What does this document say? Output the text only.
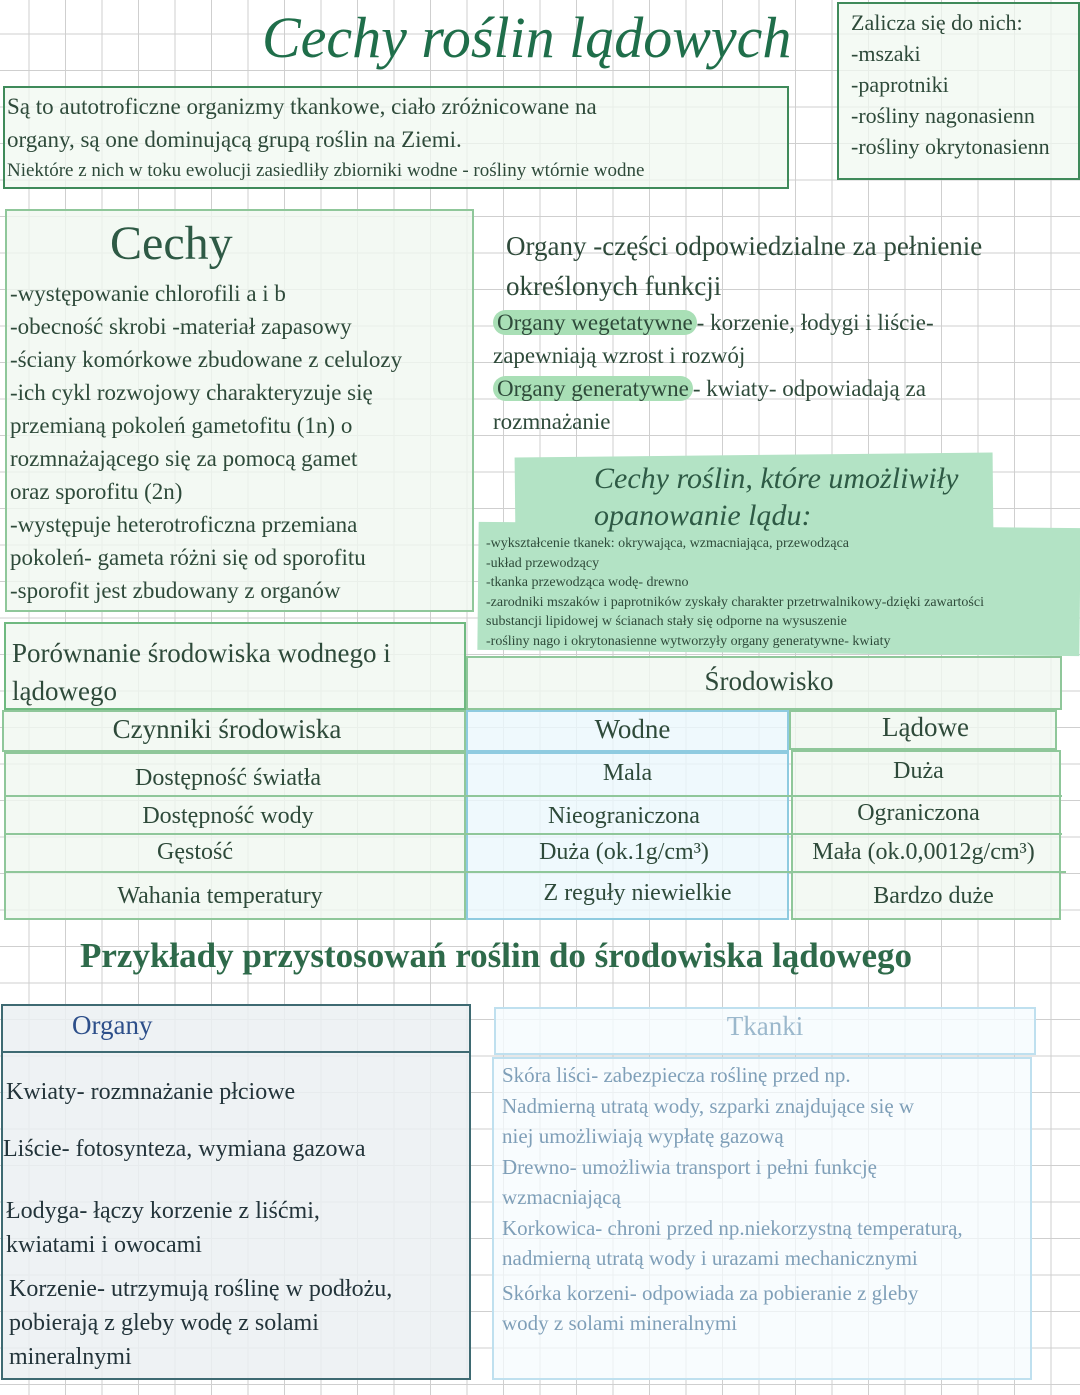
Cechy roślin lądowych
Są to autotroficzne organizmy tkankowe, ciało zróżnicowane na
organy, są one dominującą grupą roślin na Ziemi.
Niektóre z nich w toku ewolucji zasiedliły zbiorniki wodne - rośliny wtórnie wodne
Zalicza się do nich:
-mszaki
-paprotniki
-rośliny nagonasienn
-rośliny okrytonasienn
Cechy
-występowanie chlorofili a i b
-obecność skrobi -materiał zapasowy
-ściany komórkowe zbudowane z celulozy
-ich cykl rozwojowy charakteryzuje się
przemianą pokoleń gametofitu (1n) o
rozmnażającego się za pomocą gamet
oraz sporofitu (2n)
-występuje heterotroficzna przemiana
pokoleń- gameta różni się od sporofitu
-sporofit jest zbudowany z organów
Organy -części odpowiedzialne za pełnienie
określonych funkcji
Organy wegetatywne - korzenie, łodygi i liście-
zapewniają wzrost i rozwój
Organy generatywne - kwiaty- odpowiadają za
rozmnażanie
Cechy roślin, które umożliwiły
opanowanie lądu:
-wykształcenie tkanek: okrywająca, wzmacniająca, przewodząca
-układ przewodzący
-tkanka przewodząca wodę- drewno
-zarodniki mszaków i paprotników zyskały charakter przetrwalnikowy-dzięki zawartości
substancji lipidowej w ścianach stały się odporne na wysuszenie
-rośliny nago i okrytonasienne wytworzyły organy generatywne- kwiaty
Porównanie środowiska wodnego i
lądowego	Środowisko
Czynniki środowiska	Wodne	Lądowe
Dostępność światła	Mala	Duża
Dostępność wody	Nieograniczona	Ograniczona
Gęstość	Duża (ok.1g/cm³)	Mała (ok.0,0012g/cm³)
Wahania temperatury	Z reguły niewielkie	Bardzo duże
Przykłady przystosowań roślin do środowiska lądowego
Organy
Kwiaty- rozmnażanie płciowe
Liście- fotosynteza, wymiana gazowa
Łodyga- łączy korzenie z liśćmi,
kwiatami i owocami
Korzenie- utrzymują roślinę w podłożu,
pobierają z gleby wodę z solami
mineralnymi
Tkanki
Skóra liści- zabezpiecza roślinę przed np.
Nadmierną utratą wody, szparki znajdujące się w
niej umożliwiają wypłatę gazową
Drewno- umożliwia transport i pełni funkcję
wzmacniającą
Korkowica- chroni przed np.niekorzystną temperaturą,
nadmierną utratą wody i urazami mechanicznymi
Skórka korzeni- odpowiada za pobieranie z gleby
wody z solami mineralnymi
